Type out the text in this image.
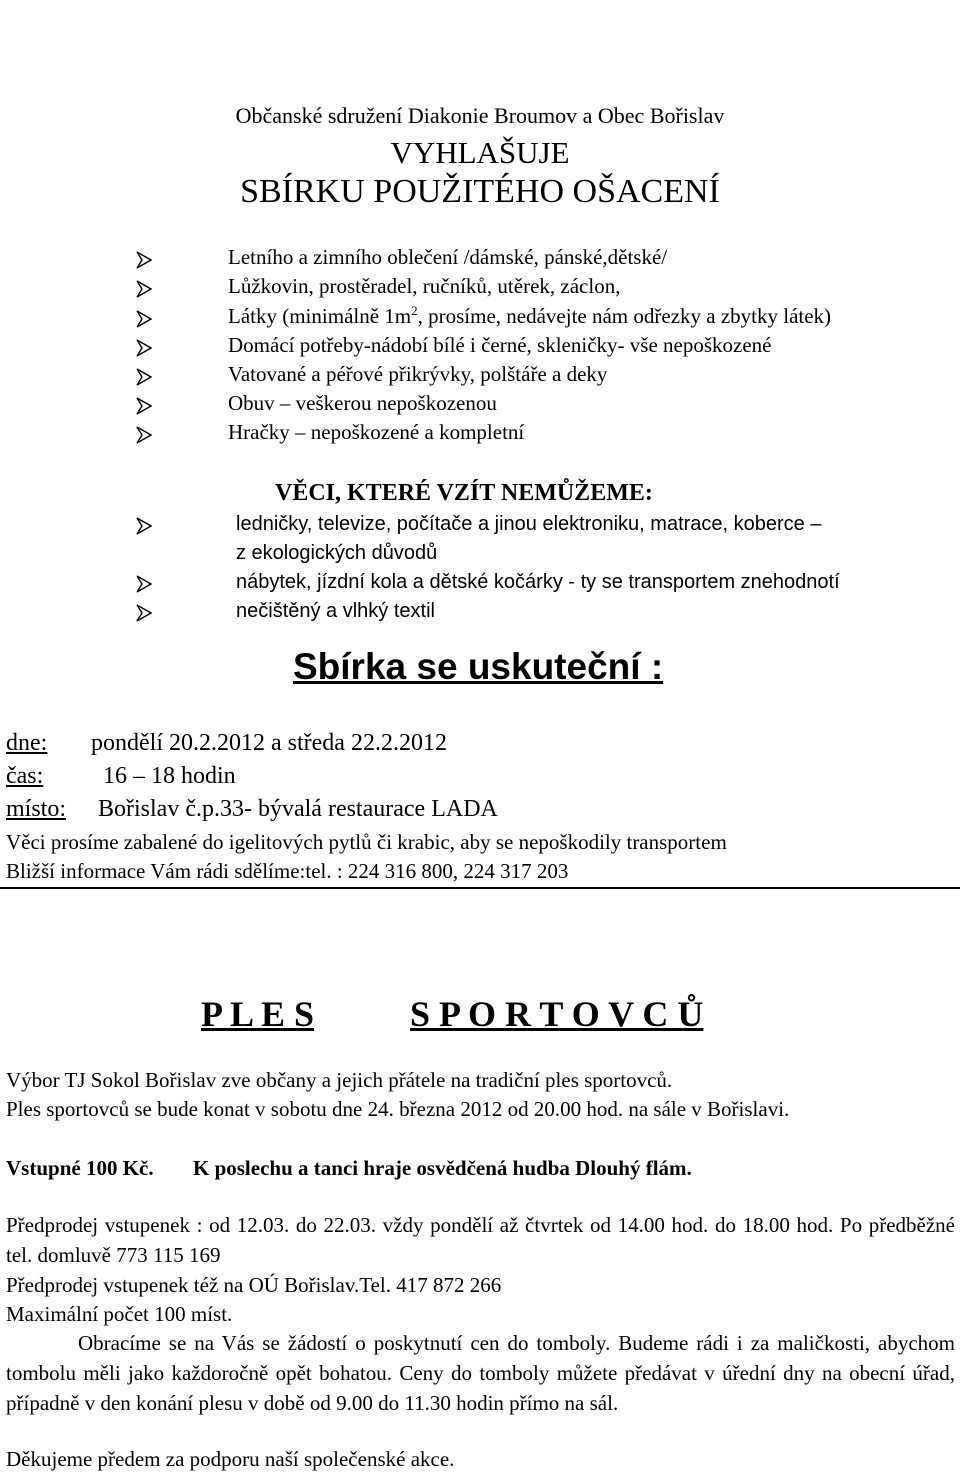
Občanské sdružení Diakonie Broumov a Obec Bořislav
VYHLAŠUJE
SBÍRKU POUŽITÉHO OŠACENÍ
Letního a zimního oblečení /dámské, pánské,dětské/
Lůžkovin, prostěradel, ručníků, utěrek, záclon,
Látky (minimálně $1m^2$, prosíme, nedávejte nám odřezky a zbytky látek)
Domácí potřeby-nádobí bílé i černé, skleničky- vše nepoškozené
Vatované a péřové přikrývky, polštáře a deky
Obuv – veškerou nepoškozenou
Hračky – nepoškozené a kompletní
VĚCI, KTERÉ VZÍT NEMŮŽEME:
ledničky, televize, počítače a jinou elektroniku, matrace, koberce –
z ekologických důvodů
nábytek, jízdní kola a dětské kočárky - ty se transportem znehodnotí
nečištěný a vlhký textil
Sbírka se uskuteční :
dne: pondělí 20.2.2012 a středa 22.2.2012
čas: 16 – 18 hodin
místo: Bořislav č.p.33- bývalá restaurace LADA
Věci prosíme zabalené do igelitových pytlů či krabic, aby se nepoškodily transportem
Bližší informace Vám rádi sdělíme:tel. : 224 316 800, 224 317 203
P L E S	S P O R T O V C Ů
Výbor TJ Sokol Bořislav zve občany a jejich přátele na tradiční ples sportovců.
Ples sportovců se bude konat v sobotu dne 24. března 2012 od 20.00 hod. na sále v Bořislavi.
Vstupné 100 Kč. K poslechu a tanci hraje osvědčená hudba Dlouhý flám.
Předprodej vstupenek : od 12.03. do 22.03. vždy pondělí až čtvrtek od 14.00 hod. do 18.00 hod. Po předběžné tel. domluvě 773 115 169
Předprodej vstupenek též na OÚ Bořislav.Tel. 417 872 266
Maximální počet 100 míst.
Obracíme se na Vás se žádostí o poskytnutí cen do tomboly. Budeme rádi i za maličkosti, abychom tombolu měli jako každoročně opět bohatou. Ceny do tomboly můžete předávat v úřední dny na obecní úřad, případně v den konání plesu v době od 9.00 do 11.30 hodin přímo na sál.
Děkujeme předem za podporu naší společenské akce.
